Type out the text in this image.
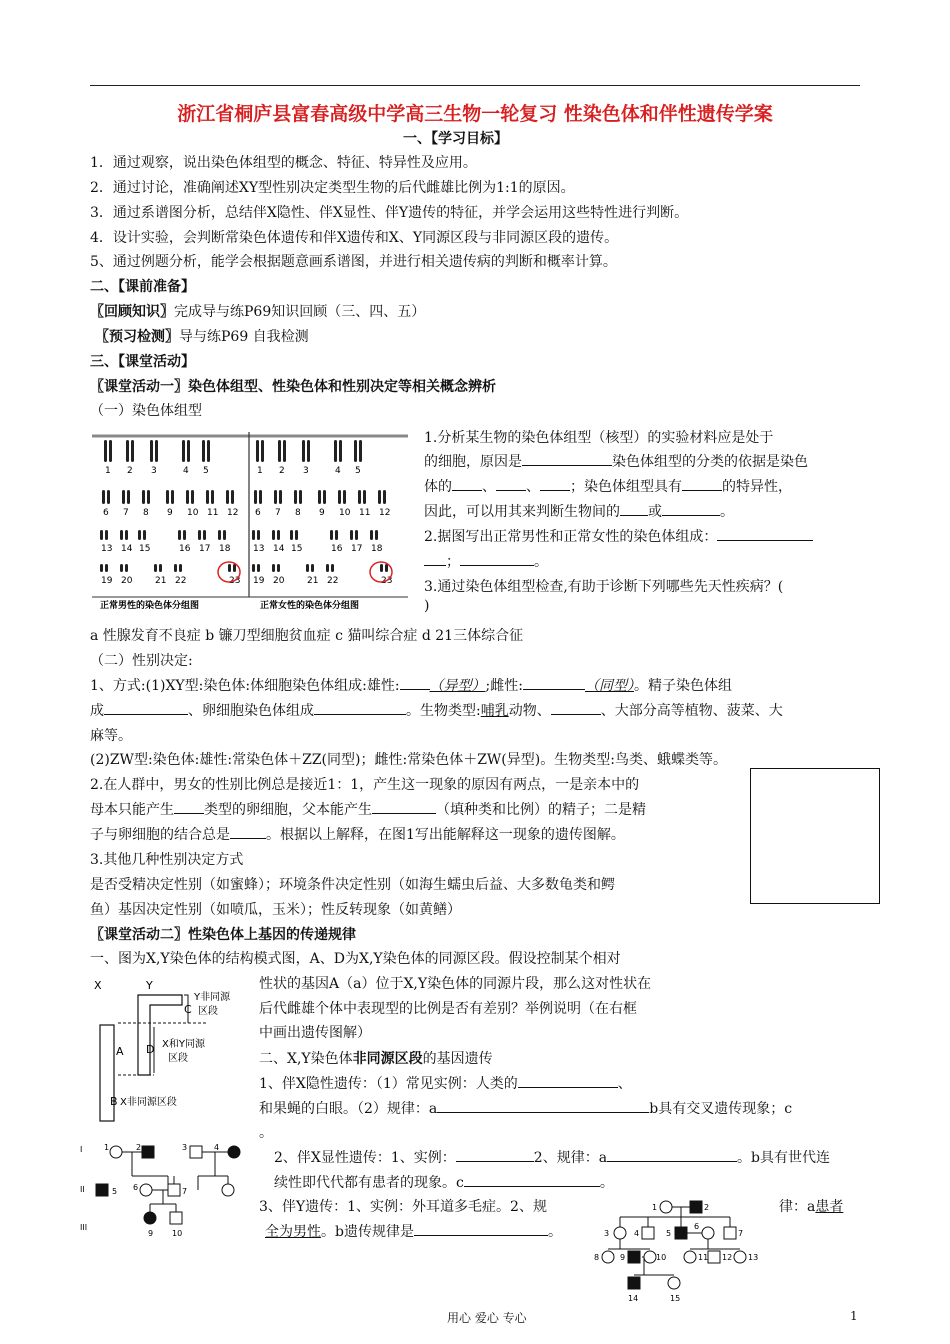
浙江省桐庐县富春高级中学高三生物一轮复习 性染色体和伴性遗传学案
一、【学习目标】
1．通过观察，说出染色体组型的概念、特征、特异性及应用。
2．通过讨论，准确阐述XY型性别决定类型生物的后代雌雄比例为1:1的原因。
3．通过系谱图分析，总结伴X隐性、伴X显性、伴Y遗传的特征，并学会运用这些特性进行判断。
4．设计实验，会判断常染色体遗传和伴X遗传和X、Y同源区段与非同源区段的遗传。
5、通过例题分析，能学会根据题意画系谱图，并进行相关遗传病的判断和概率计算。
二、【课前准备】
〖回顾知识〗完成导与练P69知识回顾（三、四、五）
〖预习检测〗导与练P69 自我检测
三、【课堂活动】
〖课堂活动一〗染色体组型、性染色体和性别决定等相关概念辨析
（一）染色体组型
1 2 3	4 5
6 7 8 9 10 11 12
13 14 15	16 17 18
19 20	21 22	23
1 2 3	4 5
6 7 8 9 10 11 12
13 14 15	16 17 18
19 20	21 22	23
正常男性的染色体分组图	正常女性的染色体分组图
1.分析某生物的染色体组型（核型）的实验材料应是处于
的细胞，原因是	染色体组型的分类的依据是染色
体的 、 、 ；染色体组型具有	的特异性，
因此，可以用其来判断生物间的 或	。
2.据图写出正常男性和正常女性的染色体组成：
；	。
3.通过染色体组型检查,有助于诊断下列哪些先天性疾病？(
)
a 性腺发育不良症 b 镰刀型细胞贫血症 c 猫叫综合症 d 21三体综合征
（二）性别决定:
1、方式:(1)XY型:染色体:体细胞染色体组成:雄性: （异型）;雌性:	（同型）。精子染色体组
成	、卵细胞染色体组成	。生物类型:哺乳动物、	、大部分高等植物、菠菜、大
麻等。
(2)ZW型:染色体:雄性:常染色体＋ZZ(同型)；雌性:常染色体＋ZW(异型)。生物类型:鸟类、蛾蝶类等。
2.在人群中，男女的性别比例总是接近1：1，产生这一现象的原因有两点，一是亲本中的
母本只能产生 类型的卵细胞，父本能产生	（填种类和比例）的精子；二是精
子与卵细胞的结合总是	。根据以上解释，在图1写出能解释这一现象的遗传图解。
3.其他几种性别决定方式
是否受精决定性别（如蜜蜂）；环境条件决定性别（如海生蠕虫后益、大多数龟类和鳄
鱼）基因决定性别（如喷瓜，玉米）；性反转现象（如黄鳝）
〖课堂活动二〗性染色体上基因的传递规律
一、图为X,Y染色体的结构模式图，A、D为X,Y染色体的同源区段。假设控制某个相对
性状的基因A（a）位于X,Y染色体的同源片段，那么这对性状在
后代雌雄个体中表现型的比例是否有差别？举例说明（在右框
中画出遗传图解）
X	Y
C
Y非同源
区段
A D X和Y同源
区段
B X非同源区段
二、X,Y染色体非同源区段的基因遗传
1、伴X隐性遗传：（1）常见实例：人类的	、
和果蝇的白眼。（2）规律：a	b具有交叉遗传现象；c
。
I	1	2	3	4
II	5 6	7
III
9 10
2、伴X显性遗传：1、实例：	2、规律：a	。b具有世代连
续性即代代都有患者的现象。c	。
3、伴Y遗传：1、实例：外耳道多毛症。2、规	律：a患者
全为男性。b遗传规律是	。
1	2
3	4	5
6
7
8	9	10	11 12 13
14	15
用心 爱心 专心	1
